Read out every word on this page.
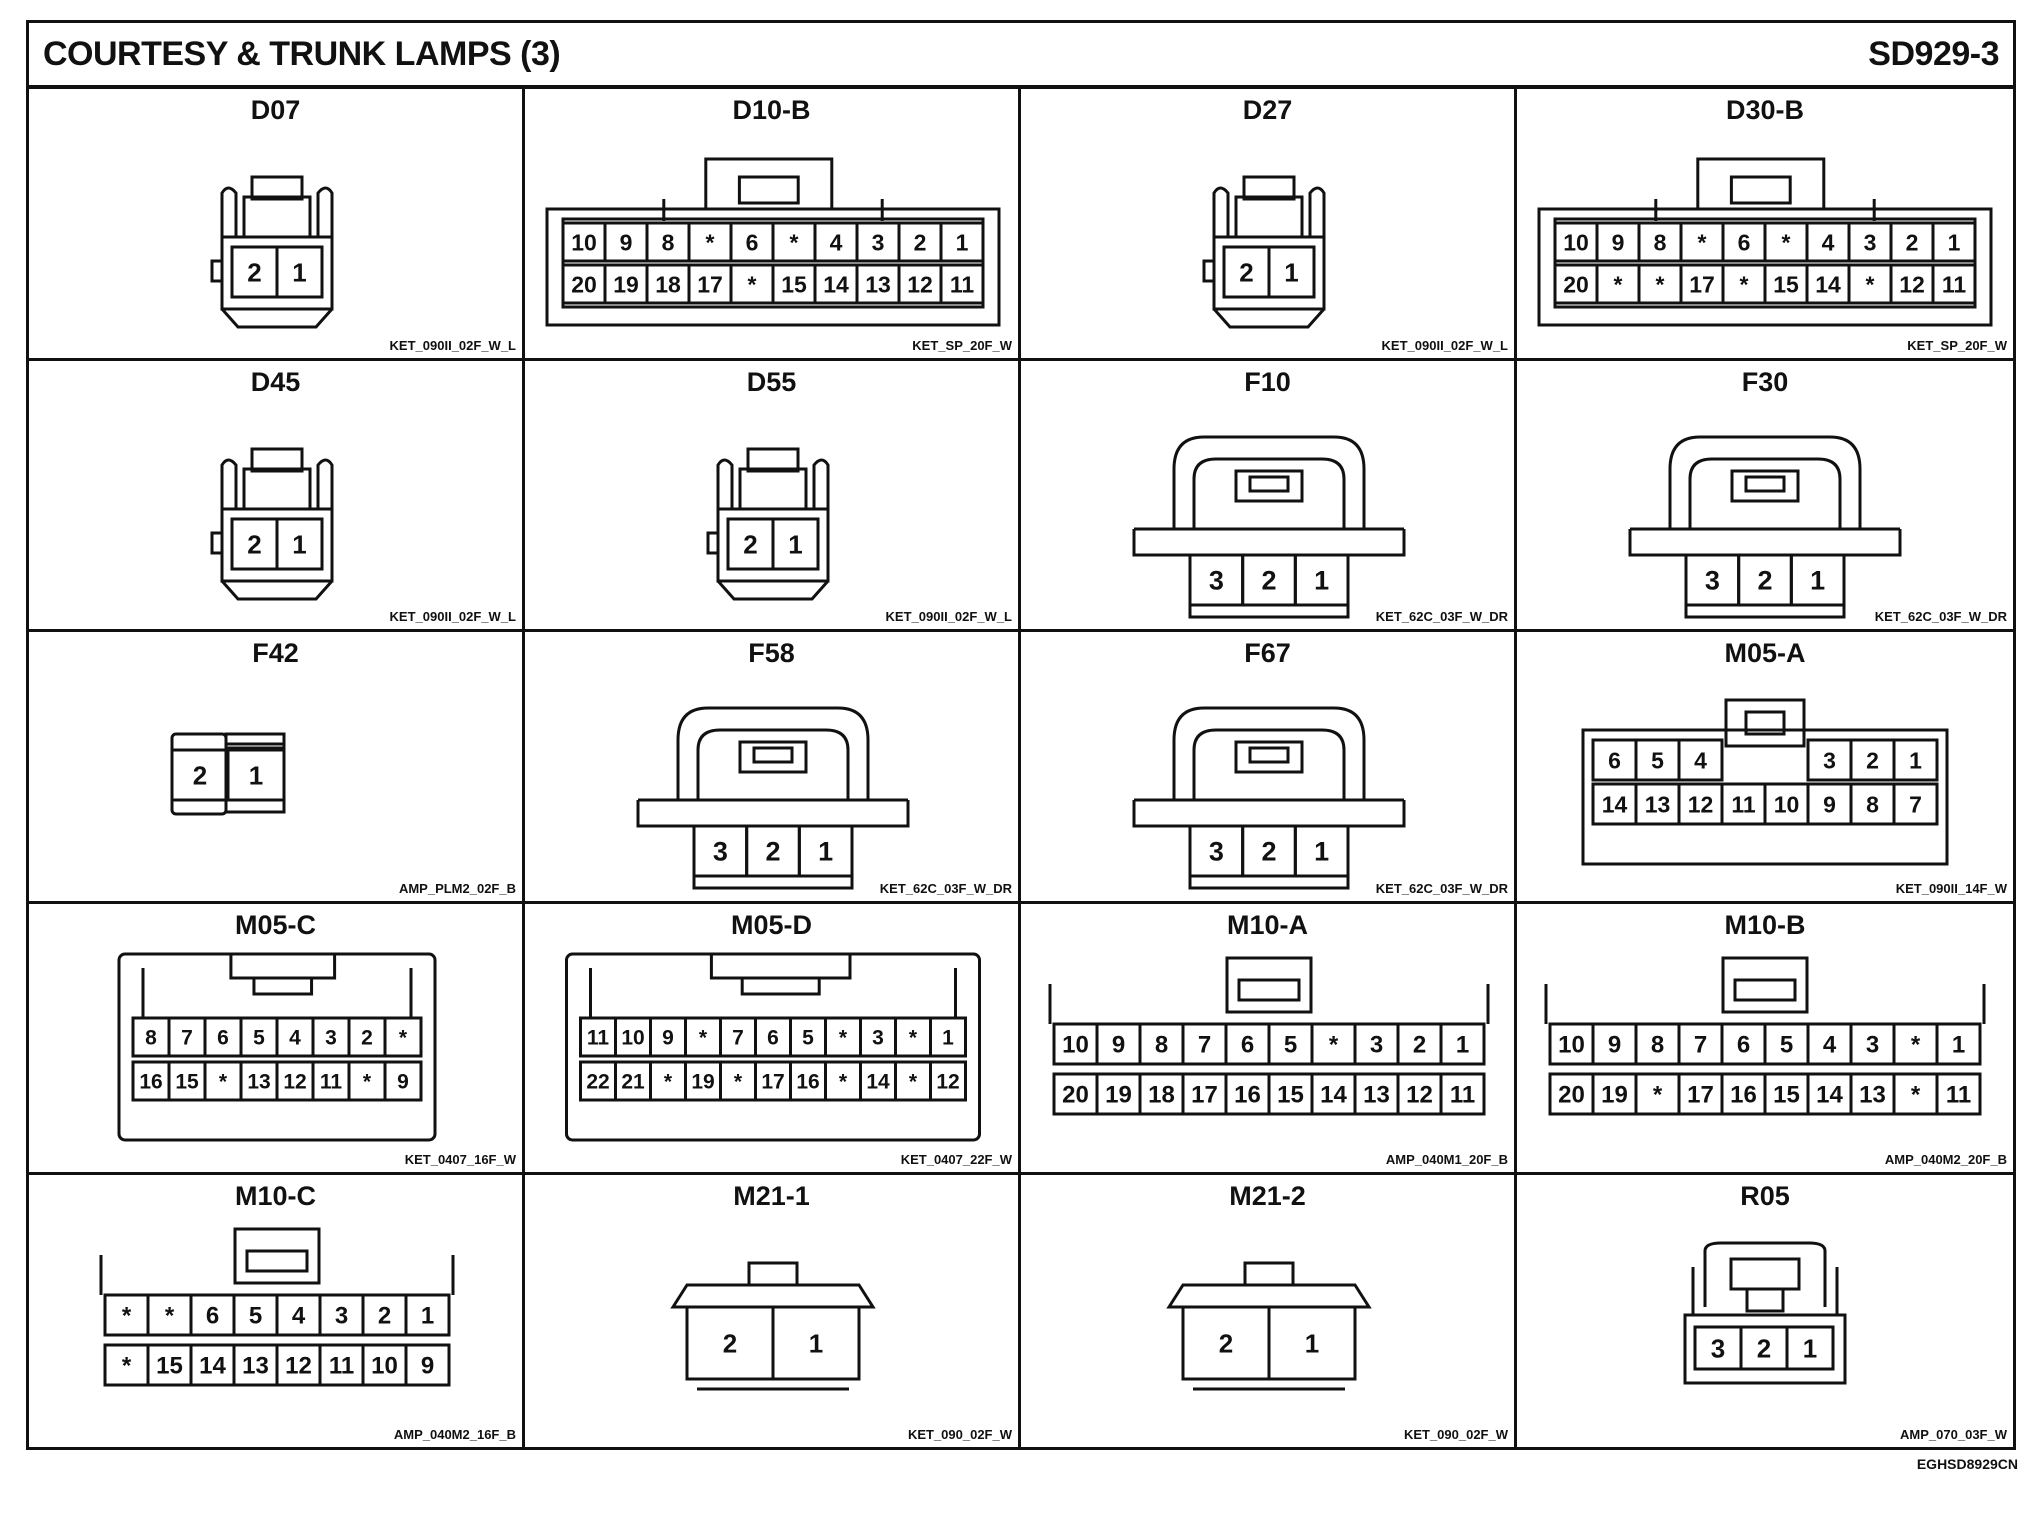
COURTESY & TRUNK LAMPS (3)	SD929-3
D07
2 1
KET_090II_02F_W_L
D10-B
10 9 8 * 6 * 4 3 2 1
20 19 18 17 * 15 14 13 12 11
KET_SP_20F_W
D27
2 1
KET_090II_02F_W_L
D30-B
10 9 8 * 6 * 4 3 2 1
20 * * 17 * 15 14 * 12 11
KET_SP_20F_W
D45
2 1
KET_090II_02F_W_L
D55
2 1
KET_090II_02F_W_L
F10
3 2 1
KET_62C_03F_W_DR
F30
3 2 1
KET_62C_03F_W_DR
F42
2 1
AMP_PLM2_02F_B
F58
3 2 1
KET_62C_03F_W_DR
F67
3 2 1
KET_62C_03F_W_DR
M05-A
6 5 4	3 2 1
14 13 12 11 10 9 8 7
KET_090II_14F_W
M05-C
8 7 6 5 4 3 2 *
16 15 * 13 12 11 * 9
KET_0407_16F_W
M05-D
11 10 9 * 7 6 5 * 3 * 1
22 21 * 19 * 17 16 * 14 * 12
KET_0407_22F_W
M10-A
10 9 8 7 6 5 * 3 2 1
20 19 18 17 16 15 14 13 12 11
AMP_040M1_20F_B
M10-B
10 9 8 7 6 5 4 3 * 1
20 19 * 17 16 15 14 13 * 11
AMP_040M2_20F_B
M10-C
* * 6 5 4 3 2 1
* 15 14 13 12 11 10 9
AMP_040M2_16F_B
M21-1
2	1
KET_090_02F_W
M21-2
2	1
KET_090_02F_W
R05
3 2 1
AMP_070_03F_W
EGHSD8929CN
